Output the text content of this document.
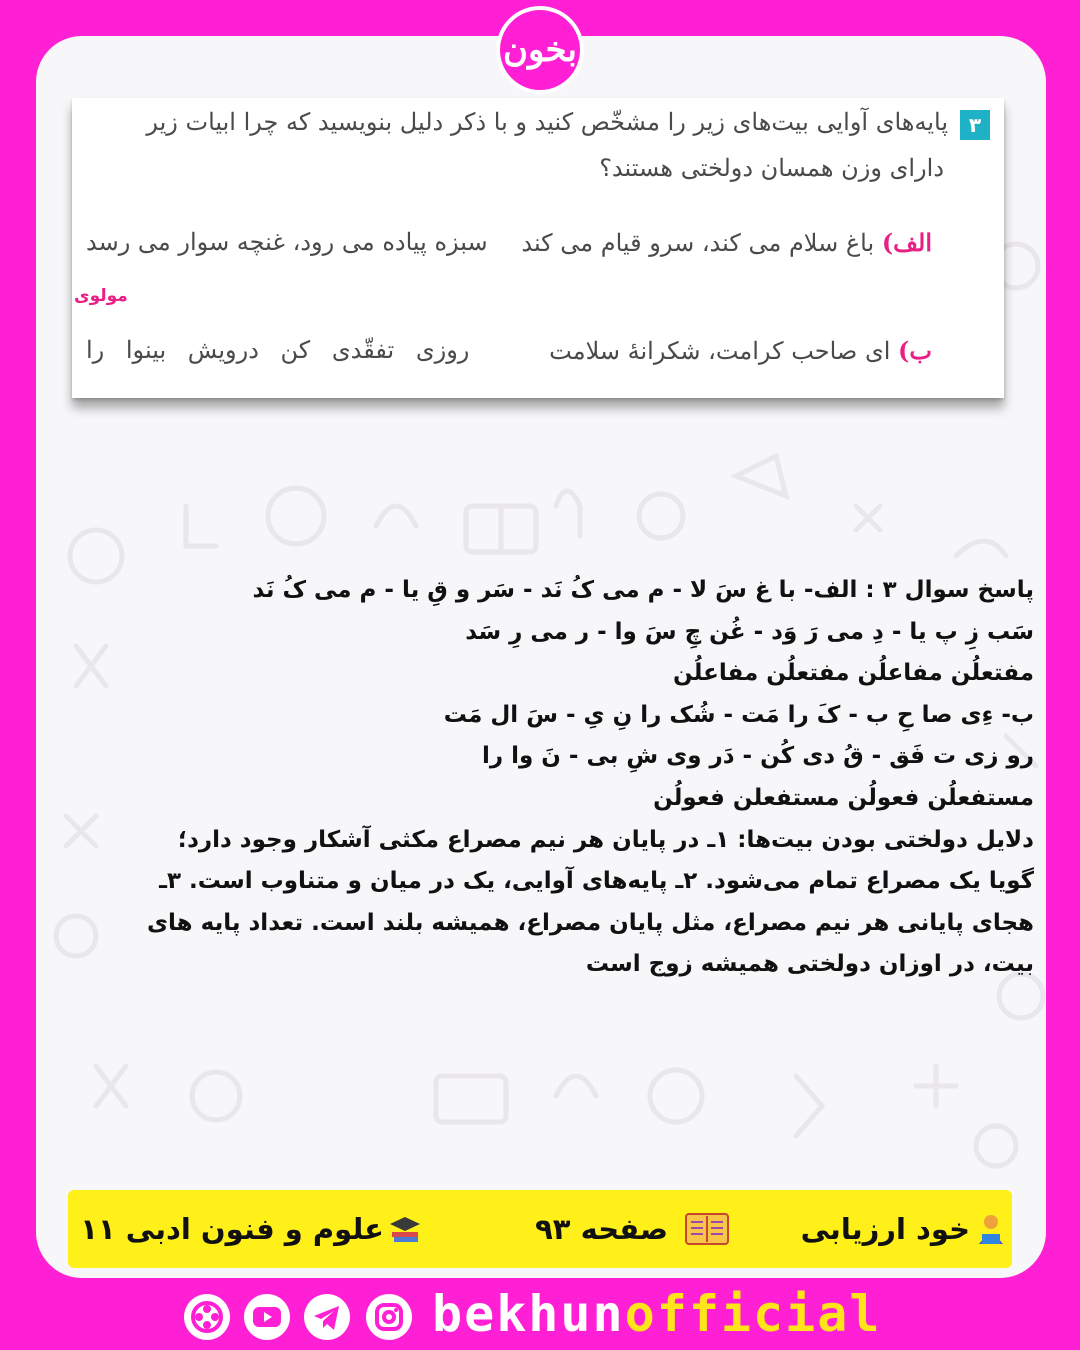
بخون
۳
پایه‌های آوایی بیت‌های زیر را مشخّص کنید و با ذکر دلیل بنویسید که چرا ابیات زیر
دارای وزن همسان دولختی هستند؟
الف) باغ سلام می کند، سرو قیام می کند
سبزه پیاده می رود، غنچه سوار می رسد
مولوی
ب) ای صاحب کرامت، شکرانهٔ سلامت
روزی تفقّدی کن درویش بینوا را
پاسخ سوال ۳ : الف- با غ سَ لا - م می کُ نَد - سَر و قِ یا - م می کُ نَد
سَب زِ پ یا - دِ می رَ وَد - غُن چِ سَ وا - ر می رِ سَد
مفتعلُن مفاعلُن مفتعلُن مفاعلُن
ب- ءِی صا حِ ب - کَ را مَت - شُک را نِ یِ - سَ ال مَت
رو زی ت فَق - قُ دی کُن - دَر وی شِ بی - نَ وا را
مستفعلُن فعولُن مستفعلن فعولُن
دلایل دولختی بودن بیت‌ها: ۱ـ در پایان هر نیم مصراع مکثی آشکار وجود دارد؛
گویا یک مصراع تمام می‌شود. ۲ـ پایه‌های آوایی، یک در میان و متناوب است. ۳ـ
هجای پایانی هر نیم مصراع، مثل پایان مصراع، همیشه بلند است. تعداد پایه های
بیت، در اوزان دولختی همیشه زوج است
خود ارزیابی
صفحه ۹۳
علوم و فنون ادبی ۱۱
bekhunofficial
